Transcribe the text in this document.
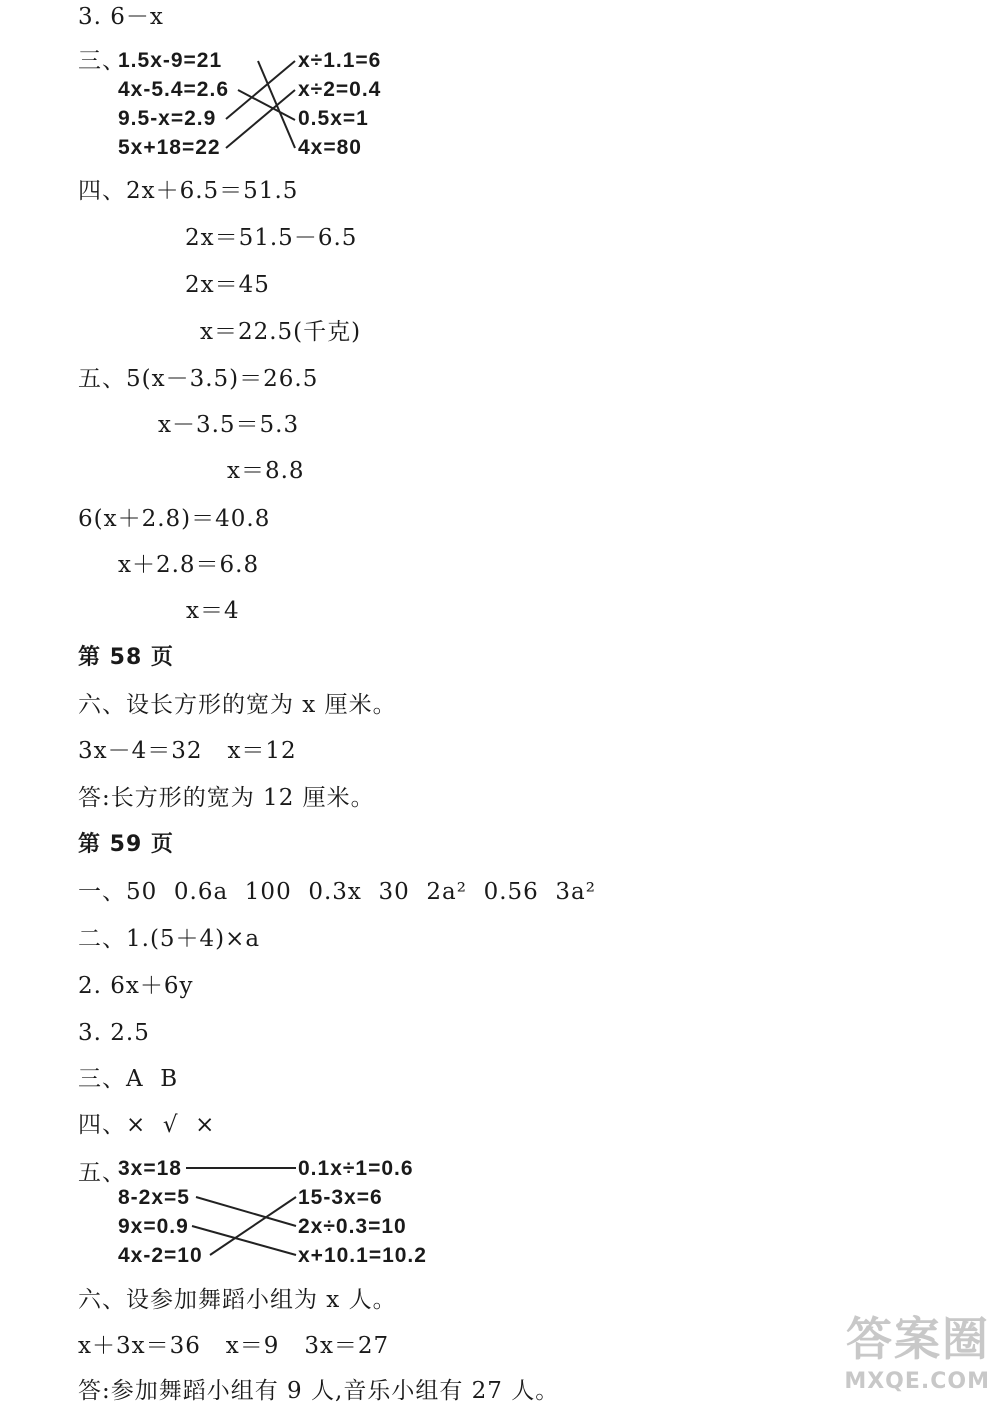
3. 6－x
三、
1.5x-9=21
4x-5.4=2.6
9.5-x=2.9
5x+18=22
x÷1.1=6
x÷2=0.4
0.5x=1
4x=80
四、2x＋6.5＝51.5
2x＝51.5－6.5
2x＝45
x＝22.5(千克)
五、5(x－3.5)＝26.5
x－3.5＝5.3
x＝8.8
6(x＋2.8)＝40.8
x＋2.8＝6.8
x＝4
第 58 页
六、设长方形的宽为 x 厘米。
3x－4＝32   x＝12
答:长方形的宽为 12 厘米。
第 59 页
一、50  0.6a  100  0.3x  30  2a²  0.56  3a²
二、1.(5＋4)×a
2. 6x＋6y
3. 2.5
三、A  B
四、×  √  ×
五、
3x=18
8-2x=5
9x=0.9
4x-2=10
0.1x÷1=0.6
15-3x=6
2x÷0.3=10
x+10.1=10.2
六、设参加舞蹈小组为 x 人。
x＋3x＝36   x＝9   3x＝27
答:参加舞蹈小组有 9 人,音乐小组有 27 人。
答案圈
MXQE.COM
